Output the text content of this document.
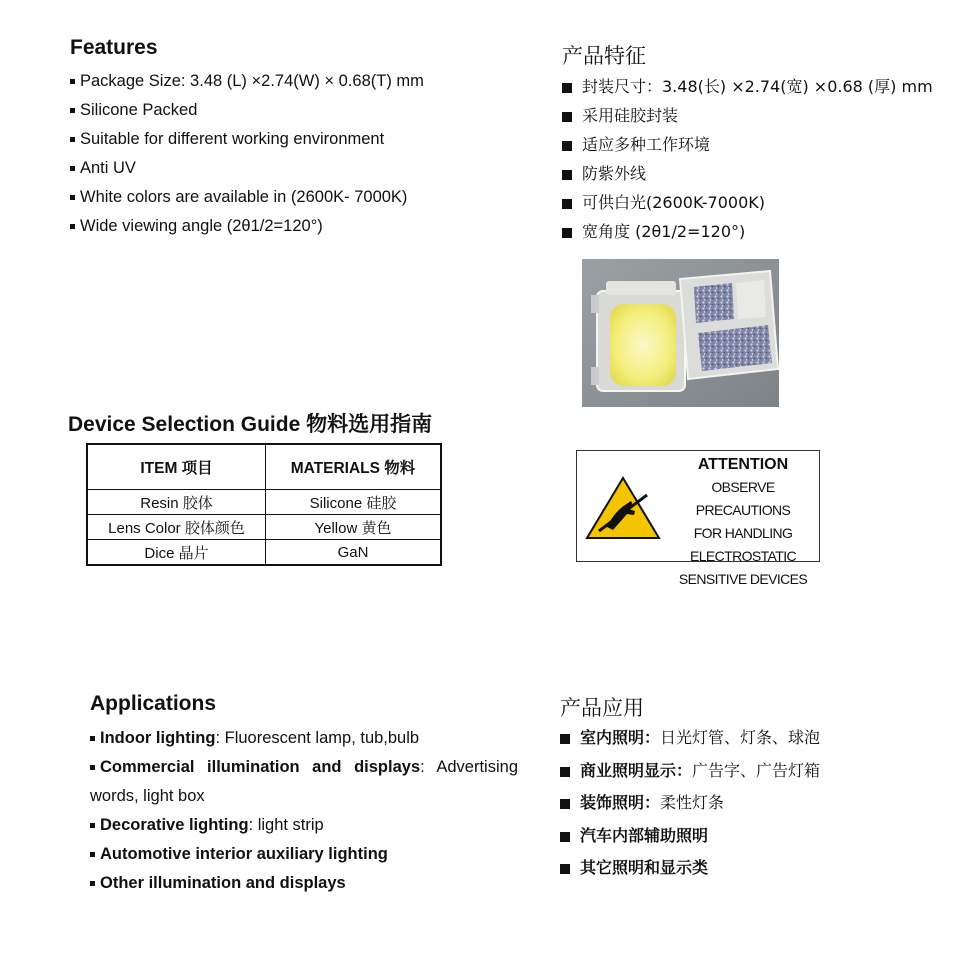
Features
Package Size: 3.48 (L) ×2.74(W) × 0.68(T) mm
Silicone Packed
Suitable for different working environment
Anti UV
White colors are available in (2600K- 7000K)
Wide viewing angle (2θ1/2=120°)
产品特征
封装尺寸：3.48(长) ×2.74(宽) ×0.68 (厚) mm
采用硅胶封装
适应多种工作环境
防紫外线
可供白光(2600K-7000K)
宽角度 (2θ1/2=120°)
Device Selection Guide 物料选用指南
ITEM 项目	MATERIALS 物料
Resin 胶体	Silicone 硅胶
Lens Color 胶体颜色	Yellow 黄色
Dice 晶片	GaN
ATTENTION
OBSERVE PRECAUTIONS
FOR HANDLING
ELECTROSTATIC
SENSITIVE DEVICES
Applications
Indoor lighting: Fluorescent lamp, tub,bulb
Commercial illumination and displays: Advertising words, light box
Decorative lighting: light strip
Automotive interior auxiliary lighting
Other illumination and displays
产品应用
室内照明：日光灯管、灯条、球泡
商业照明显示：广告字、广告灯箱
装饰照明：柔性灯条
汽车内部辅助照明
其它照明和显示类
